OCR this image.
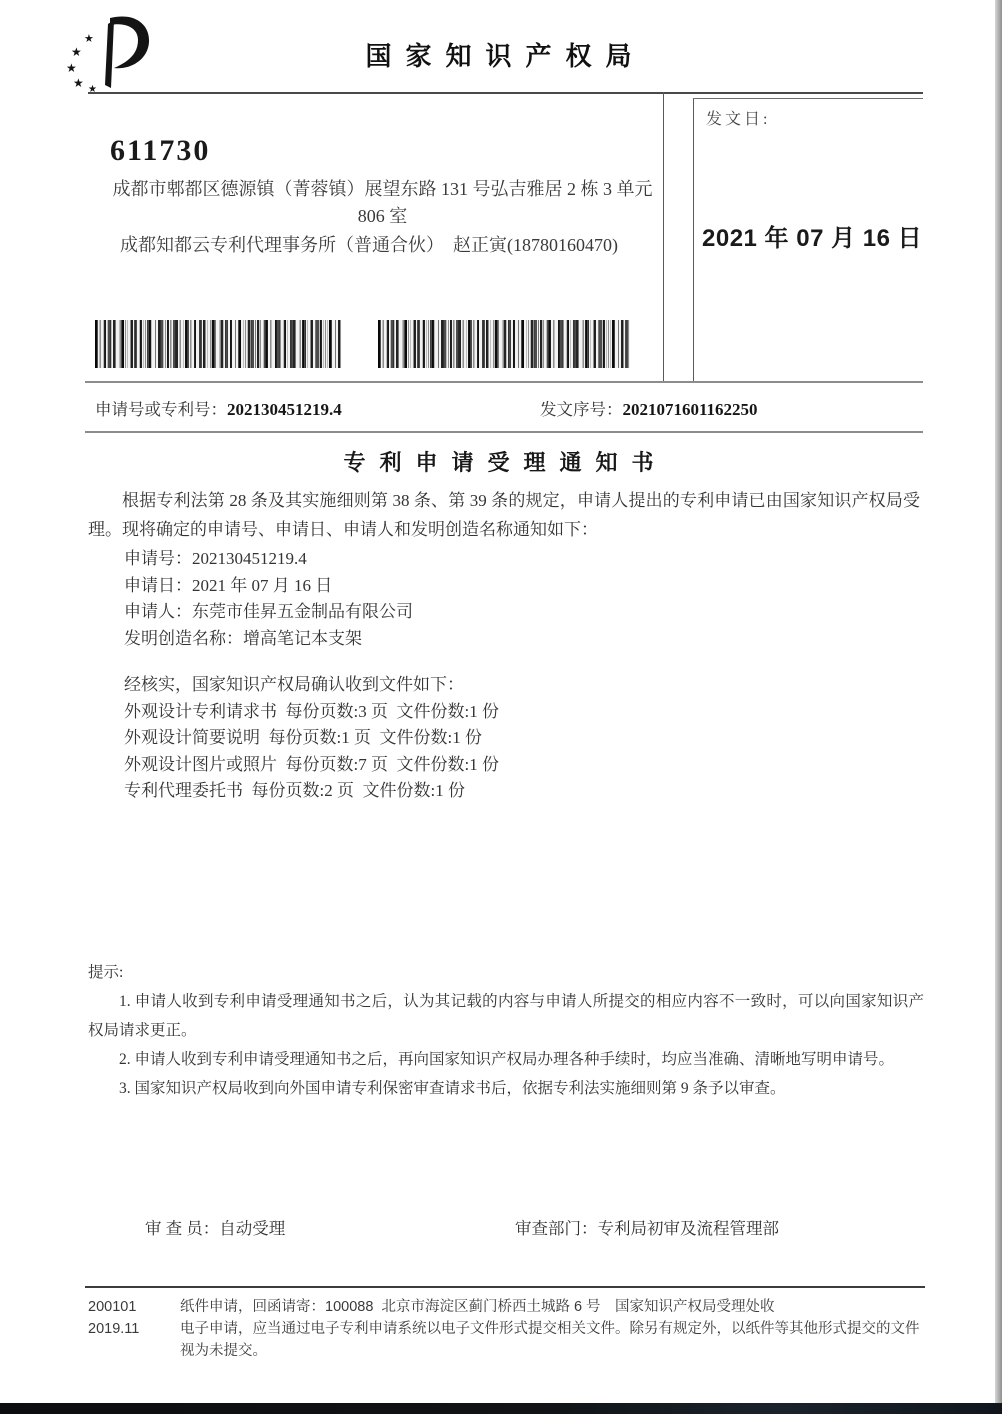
★
★
★
★ ★
国家知识产权局
发文日:
2021 年 07 月 16 日
611730
成都市郫都区德源镇（菁蓉镇）展望东路 131 号弘吉雅居 2 栋 3 单元
806 室
成都知都云专利代理事务所（普通合伙）  赵正寅(18780160470)
申请号或专利号：202130451219.4	发文序号：2021071601162250
专利申请受理通知书
根据专利法第 28 条及其实施细则第 38 条、第 39 条的规定，申请人提出的专利申请已由国家知识产权局受理。现将确定的申请号、申请日、申请人和发明创造名称通知如下：
申请号：202130451219.4
申请日：2021 年 07 月 16 日
申请人：东莞市佳昇五金制品有限公司
发明创造名称：增高笔记本支架
经核实，国家知识产权局确认收到文件如下：
外观设计专利请求书  每份页数:3 页  文件份数:1 份
外观设计简要说明  每份页数:1 页  文件份数:1 份
外观设计图片或照片  每份页数:7 页  文件份数:1 份
专利代理委托书  每份页数:2 页  文件份数:1 份

提示:

1. 申请人收到专利申请受理通知书之后，认为其记载的内容与申请人所提交的相应内容不一致时，可以向国家知识产权局请求更正。

2. 申请人收到专利申请受理通知书之后，再向国家知识产权局办理各种手续时，均应当准确、清晰地写明申请号。

3. 国家知识产权局收到向外国申请专利保密审查请求书后，依据专利法实施细则第 9 条予以审查。

审 查 员：自动受理	审查部门：专利局初审及流程管理部
200101
2019.11

纸件申请，回函请寄：100088  北京市海淀区蓟门桥西土城路 6 号　国家知识产权局受理处收

电子申请，应当通过电子专利申请系统以电子文件形式提交相关文件。除另有规定外，以纸件等其他形式提交的文件视为未提交。
